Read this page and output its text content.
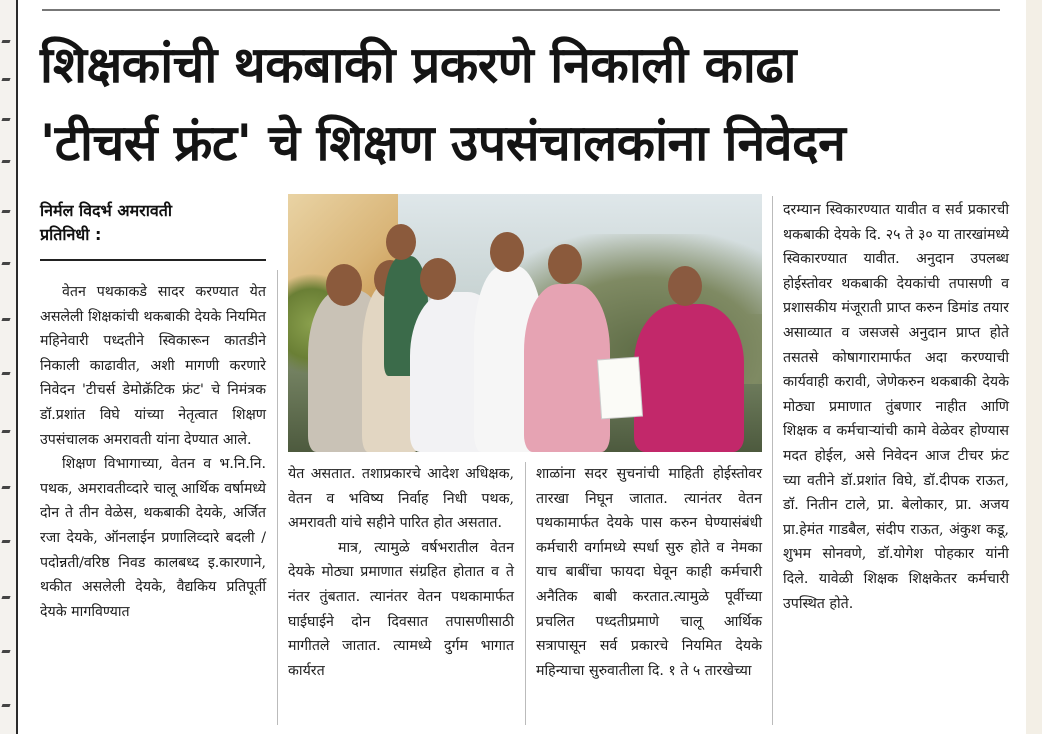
शिक्षकांची थकबाकी प्रकरणे निकाली काढा
'टीचर्स फ्रंट' चे शिक्षण उपसंचालकांना निवेदन
निर्मल विदर्भ अमरावती
प्रतिनिधी :

वेतन पथकाकडे सादर करण्यात येत असलेली शिक्षकांची थकबाकी देयके नियमित महिनेवारी पध्दतीने स्विकारून कातडीने निकाली काढावीत, अशी मागणी करणारे निवेदन 'टीचर्स डेमोक्रॅटिक फ्रंट' चे निमंत्रक डॉ.प्रशांत विघे यांच्या नेतृत्वात शिक्षण उपसंचालक अमरावती यांना देण्यात आले.

शिक्षण विभागाच्या, वेतन व भ.नि.नि. पथक, अमरावतीव्दारे चालू आर्थिक वर्षामध्ये दोन ते तीन वेळेस, थकबाकी देयके, अर्जित रजा देयके, ऑनलाईन प्रणालिव्दारे बदली / पदोन्नती/वरिष्ठ निवड कालबध्द इ.कारणाने, थकीत असलेली देयके, वैद्यकिय प्रतिपूर्ती देयके मागविण्यात

येत असतात. तशाप्रकारचे आदेश अधिक्षक, वेतन व भविष्य निर्वाह निधी पथक, अमरावती यांचे सहीने पारित होत असतात.

मात्र, त्यामुळे वर्षभरातील वेतन देयके मोठ्या प्रमाणात संग्रहित होतात व ते नंतर तुंबतात. त्यानंतर वेतन पथकामार्फत घाईघाईने दोन दिवसात तपासणीसाठी मागीतले जातात. त्यामध्ये दुर्गम भागात कार्यरत

शाळांना सदर सुचनांची माहिती होईस्तोवर तारखा निघून जातात. त्यानंतर वेतन पथकामार्फत देयके पास करुन घेण्यासंबंधी कर्मचारी वर्गामध्ये स्पर्धा सुरु होते व नेमका याच बाबींचा फायदा घेवून काही कर्मचारी अनैतिक बाबी करतात.त्यामुळे पूर्वीच्या प्रचलित पध्दतीप्रमाणे चालू आर्थिक सत्रापासून सर्व प्रकारचे नियमित देयके महिन्याचा सुरुवातीला दि. १ ते ५ तारखेच्या

दरम्यान स्विकारण्यात यावीत व सर्व प्रकारची थकबाकी देयके दि. २५ ते ३० या तारखांमध्ये स्विकारण्यात यावीत. अनुदान उपलब्ध होईस्तोवर थकबाकी देयकांची तपासणी व प्रशासकीय मंजूराती प्राप्त करुन डिमांड तयार असाव्यात व जसजसे अनुदान प्राप्त होते तसतसे कोषागारामार्फत अदा करण्याची कार्यवाही करावी, जेणेकरुन थकबाकी देयके मोठ्या प्रमाणात तुंबणार नाहीत आणि शिक्षक व कर्मचाऱ्यांची कामे वेळेवर होण्यास मदत होईल, असे निवेदन आज टीचर फ्रंट च्या वतीने डॉ.प्रशांत विघे, डॉ.दीपक राऊत, डॉ. नितीन टाले, प्रा. बेलोकार, प्रा. अजय प्रा.हेमंत गाडबैल, संदीप राऊत, अंकुश कडू, शुभम सोनवणे, डॉ.योगेश पोहकार यांनी दिले. यावेळी शिक्षक शिक्षकेतर कर्मचारी उपस्थित होते.
